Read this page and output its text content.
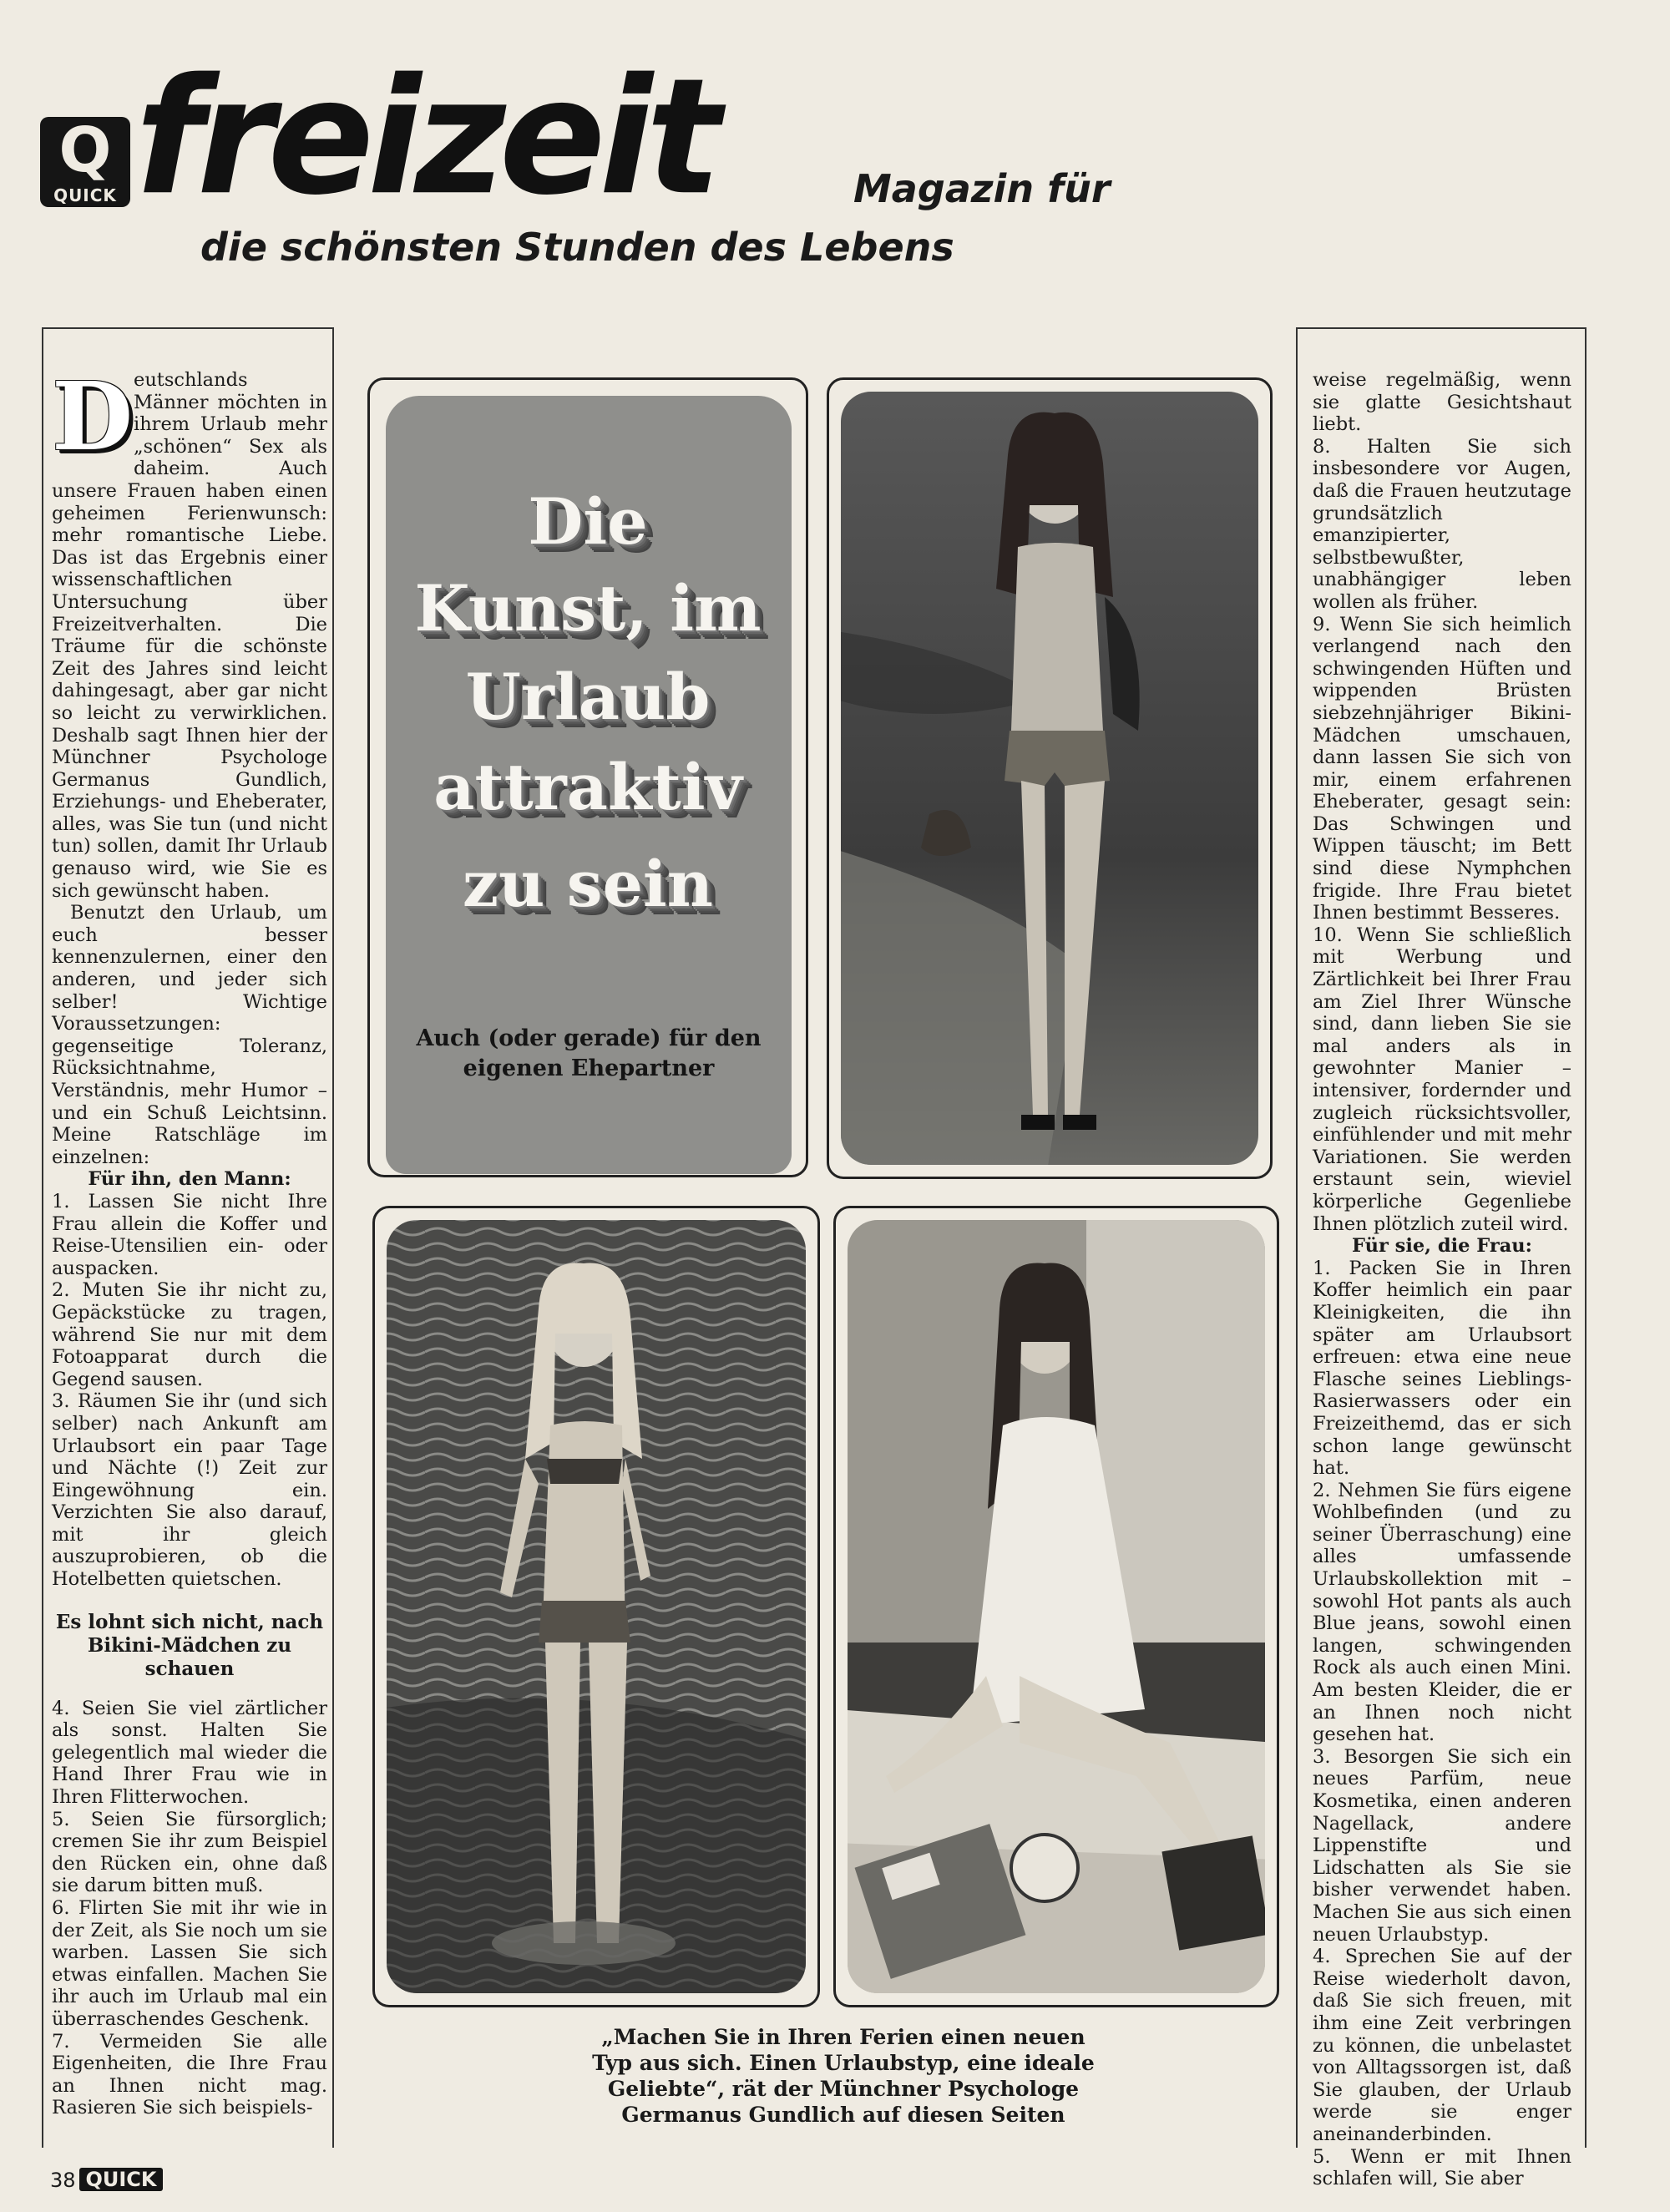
Q
QUICK freizeit	Magazin für
die schönsten Stunden des Lebens

Deutschlands Männer möchten in ihrem Urlaub mehr „schönen“ Sex als daheim. Auch unsere Frauen haben einen geheimen Ferienwunsch: mehr romantische Liebe. Das ist das Ergebnis einer wissenschaftlichen Untersuchung über Freizeitverhalten. Die Träume für die schönste Zeit des Jahres sind leicht dahingesagt, aber gar nicht so leicht zu verwirklichen. Deshalb sagt Ihnen hier der Münchner Psychologe Germanus Gundlich, Erziehungs- und Eheberater, alles, was Sie tun (und nicht tun) sollen, damit Ihr Urlaub genauso wird, wie Sie es sich gewünscht haben.

Benutzt den Urlaub, um euch besser kennenzulernen, einer den anderen, und jeder sich selber! Wichtige Voraussetzungen: gegenseitige Toleranz, Rücksichtnahme, Verständnis, mehr Humor – und ein Schuß Leichtsinn. Meine Ratschläge im einzelnen:

Für ihn, den Mann:

1. Lassen Sie nicht Ihre Frau allein die Koffer und Reise-Utensilien ein- oder auspacken.

2. Muten Sie ihr nicht zu, Gepäckstücke zu tragen, während Sie nur mit dem Fotoapparat durch die Gegend sausen.

3. Räumen Sie ihr (und sich selber) nach Ankunft am Urlaubsort ein paar Tage und Nächte (!) Zeit zur Eingewöhnung ein. Verzichten Sie also darauf, mit ihr gleich auszuprobieren, ob die Hotelbetten quietschen.

Es lohnt sich nicht, nach Bikini-Mädchen zu schauen

4. Seien Sie viel zärtlicher als sonst. Halten Sie gelegentlich mal wieder die Hand Ihrer Frau wie in Ihren Flitterwochen.

5. Seien Sie fürsorglich; cremen Sie ihr zum Beispiel den Rücken ein, ohne daß sie darum bitten muß.

6. Flirten Sie mit ihr wie in der Zeit, als Sie noch um sie warben. Lassen Sie sich etwas einfallen. Machen Sie ihr auch im Urlaub mal ein überraschendes Geschenk.

7. Vermeiden Sie alle Eigenheiten, die Ihre Frau an Ihnen nicht mag. Rasieren Sie sich beispiels-

Die
Kunst, im
Urlaub
attraktiv
zu sein
Auch (oder gerade) für den eigenen Ehepartner
„Machen Sie in Ihren Ferien einen neuen Typ aus sich. Einen Urlaubstyp, eine ideale Geliebte“, rät der Münchner Psychologe Germanus Gundlich auf diesen Seiten

weise regelmäßig, wenn sie glatte Gesichtshaut liebt.

8. Halten Sie sich insbesondere vor Augen, daß die Frauen heutzutage grundsätzlich emanzipierter, selbstbewußter, unabhängiger leben wollen als früher.

9. Wenn Sie sich heimlich verlangend nach den schwingenden Hüften und wippenden Brüsten siebzehnjähriger Bikini-Mädchen umschauen, dann lassen Sie sich von mir, einem erfahrenen Eheberater, gesagt sein: Das Schwingen und Wippen täuscht; im Bett sind diese Nymphchen frigide. Ihre Frau bietet Ihnen bestimmt Besseres.

10. Wenn Sie schließlich mit Werbung und Zärtlichkeit bei Ihrer Frau am Ziel Ihrer Wünsche sind, dann lieben Sie sie mal anders als in gewohnter Manier – intensiver, fordernder und zugleich rücksichtsvoller, einfühlender und mit mehr Variationen. Sie werden erstaunt sein, wieviel körperliche Gegenliebe Ihnen plötzlich zuteil wird.

Für sie, die Frau:

1. Packen Sie in Ihren Koffer heimlich ein paar Kleinigkeiten, die ihn später am Urlaubsort erfreuen: etwa eine neue Flasche seines Lieblings-Rasierwassers oder ein Freizeithemd, das er sich schon lange gewünscht hat.

2. Nehmen Sie fürs eigene Wohlbefinden (und zu seiner Überraschung) eine alles umfassende Urlaubskollektion mit – sowohl Hot pants als auch Blue jeans, sowohl einen langen, schwingenden Rock als auch einen Mini. Am besten Kleider, die er an Ihnen noch nicht gesehen hat.

3. Besorgen Sie sich ein neues Parfüm, neue Kosmetika, einen anderen Nagellack, andere Lippenstifte und Lidschatten als Sie sie bisher verwendet haben. Machen Sie aus sich einen neuen Urlaubstyp.

4. Sprechen Sie auf der Reise wiederholt davon, daß Sie sich freuen, mit ihm eine Zeit verbringen zu können, die unbelastet von Alltagssorgen ist, daß Sie glauben, der Urlaub werde sie enger aneinanderbinden.

5. Wenn er mit Ihnen schlafen will, Sie aber

38 QUICK
